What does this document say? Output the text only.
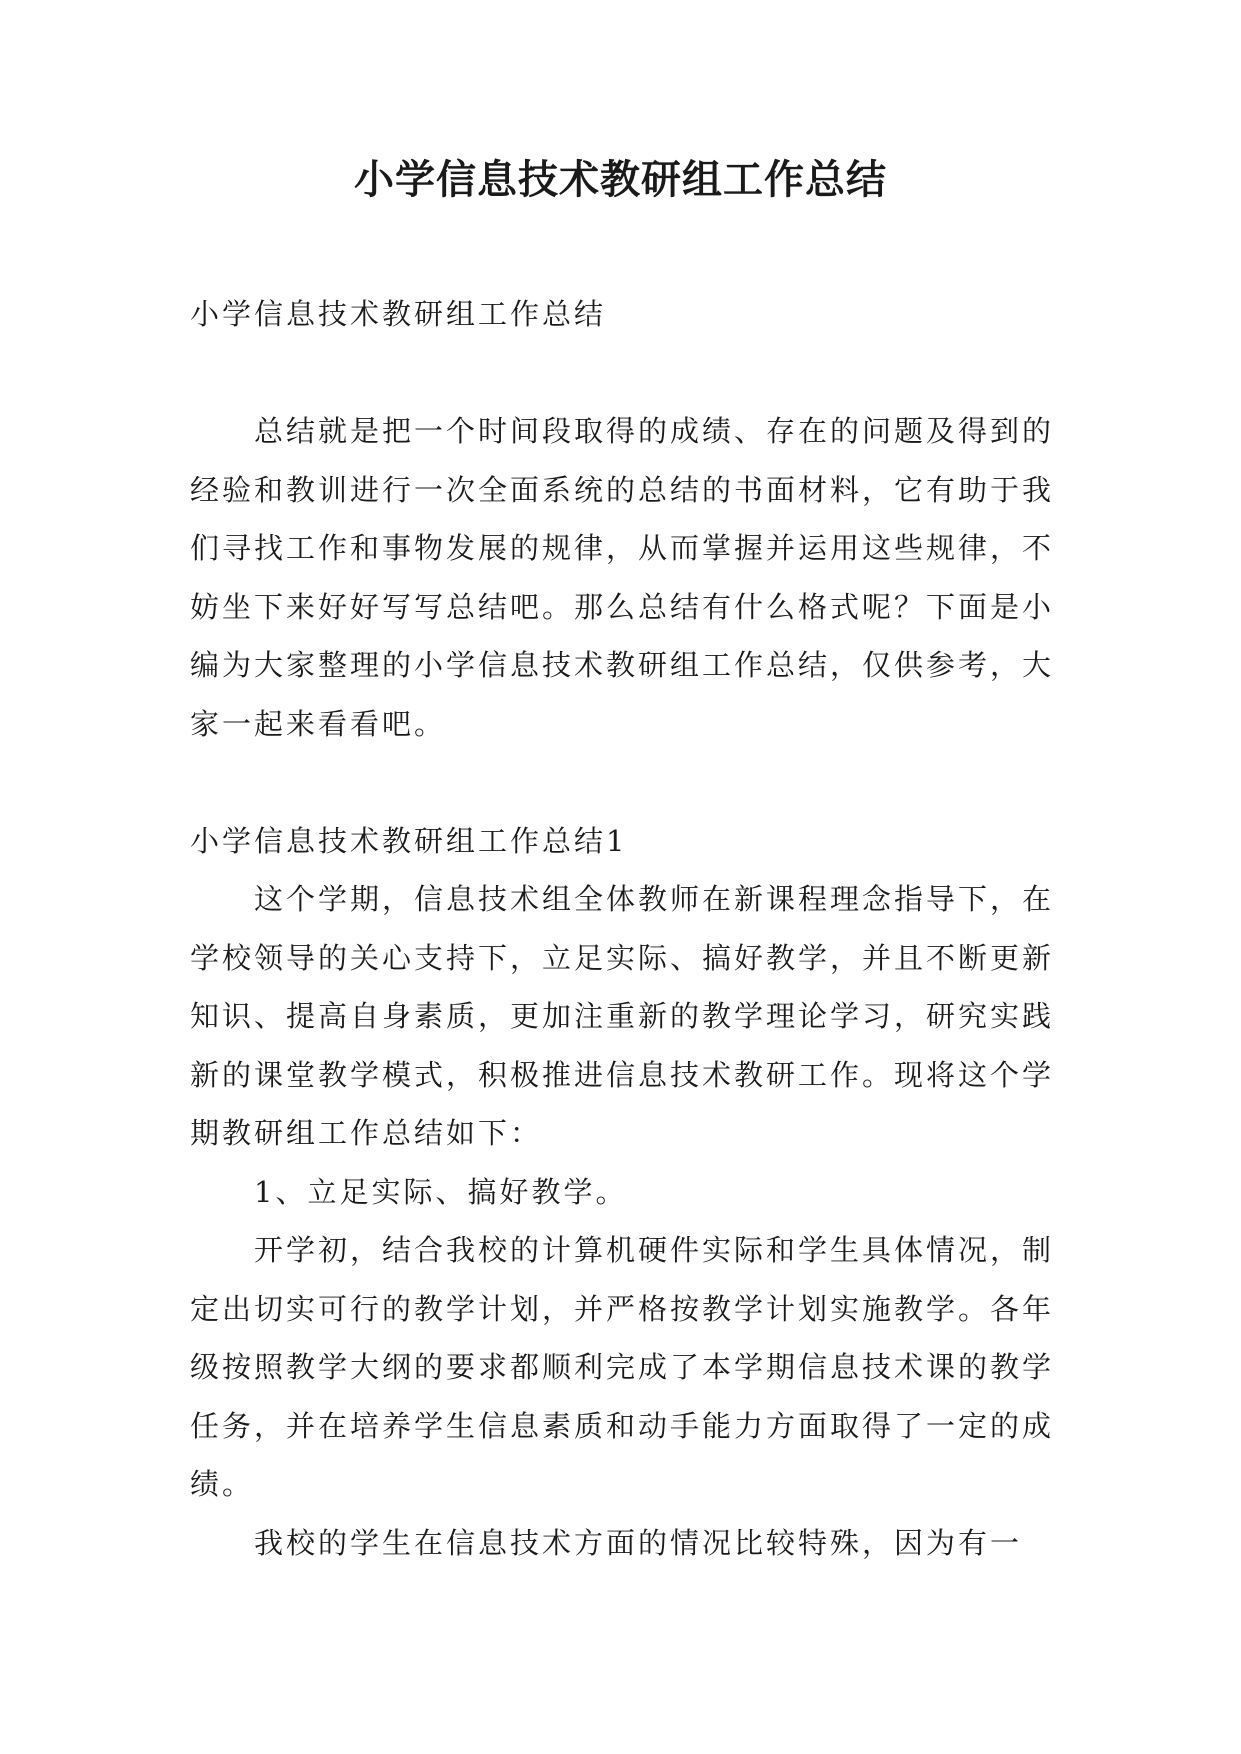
小学信息技术教研组工作总结

小学信息技术教研组工作总结

总结就是把一个时间段取得的成绩、存在的问题及得到的经验和教训进行一次全面系统的总结的书面材料，它有助于我们寻找工作和事物发展的规律，从而掌握并运用这些规律，不妨坐下来好好写写总结吧。那么总结有什么格式呢？下面是小编为大家整理的小学信息技术教研组工作总结，仅供参考，大家一起来看看吧。

小学信息技术教研组工作总结1

这个学期，信息技术组全体教师在新课程理念指导下，在学校领导的关心支持下，立足实际、搞好教学，并且不断更新知识、提高自身素质，更加注重新的教学理论学习，研究实践新的课堂教学模式，积极推进信息技术教研工作。现将这个学期教研组工作总结如下：

1、立足实际、搞好教学。

开学初，结合我校的计算机硬件实际和学生具体情况，制定出切实可行的教学计划，并严格按教学计划实施教学。各年级按照教学大纲的要求都顺利完成了本学期信息技术课的教学任务，并在培养学生信息素质和动手能力方面取得了一定的成绩。

我校的学生在信息技术方面的情况比较特殊，因为有一
